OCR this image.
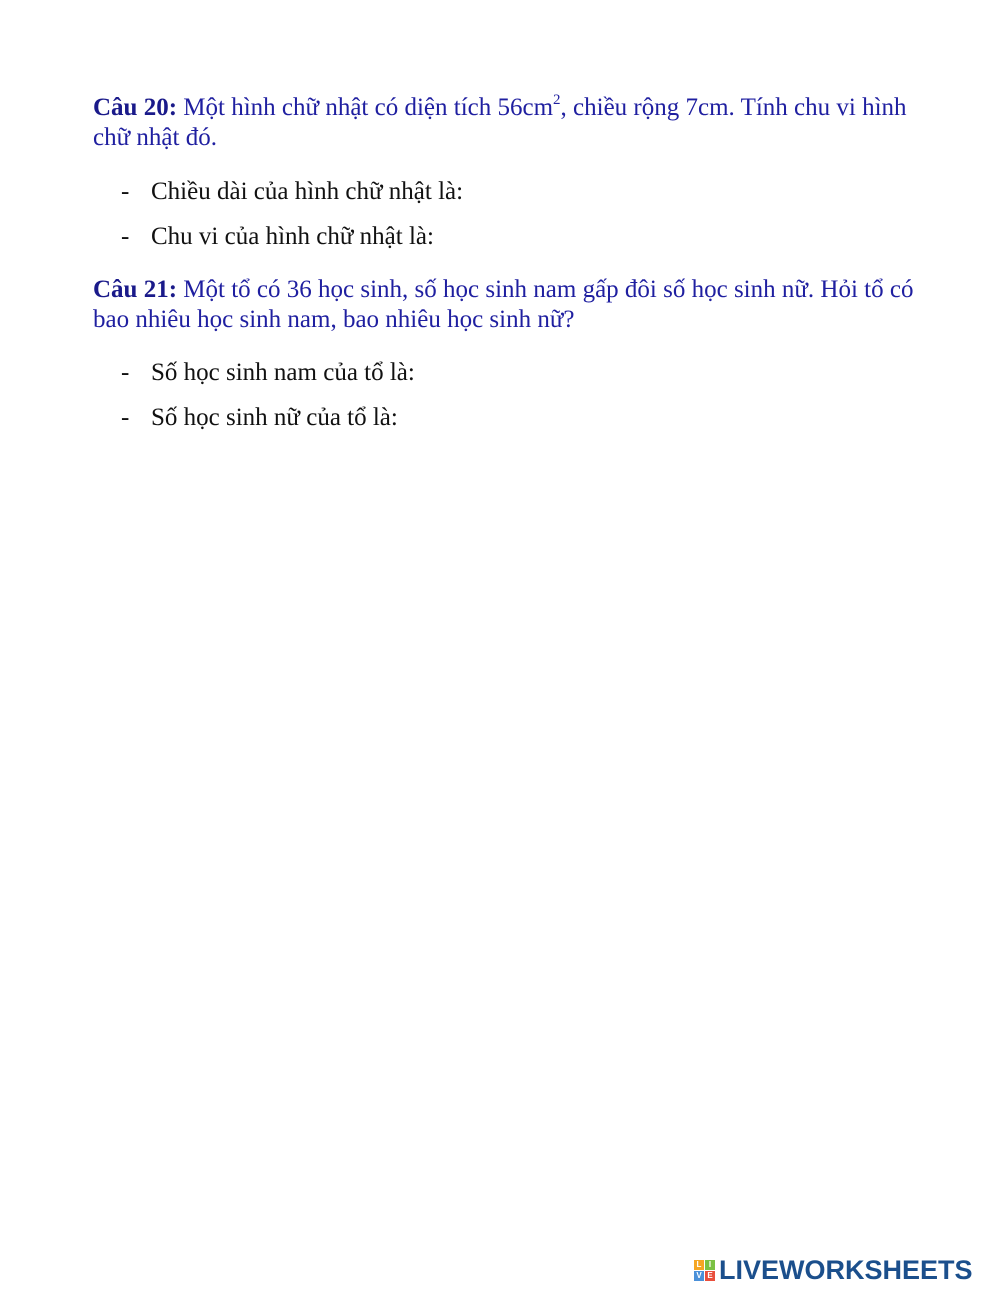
Câu 20: Một hình chữ nhật có diện tích $56cm^2$, chiều rộng 7cm. Tính chu vi hình chữ nhật đó.
- Chiều dài của hình chữ nhật là:
- Chu vi của hình chữ nhật là:
Câu 21: Một tổ có 36 học sinh, số học sinh nam gấp đôi số học sinh nữ. Hỏi tổ có bao nhiêu học sinh nam, bao nhiêu học sinh nữ?
- Số học sinh nam của tổ là:
- Số học sinh nữ của tổ là:
L I
V E LIVEWORKSHEETS
